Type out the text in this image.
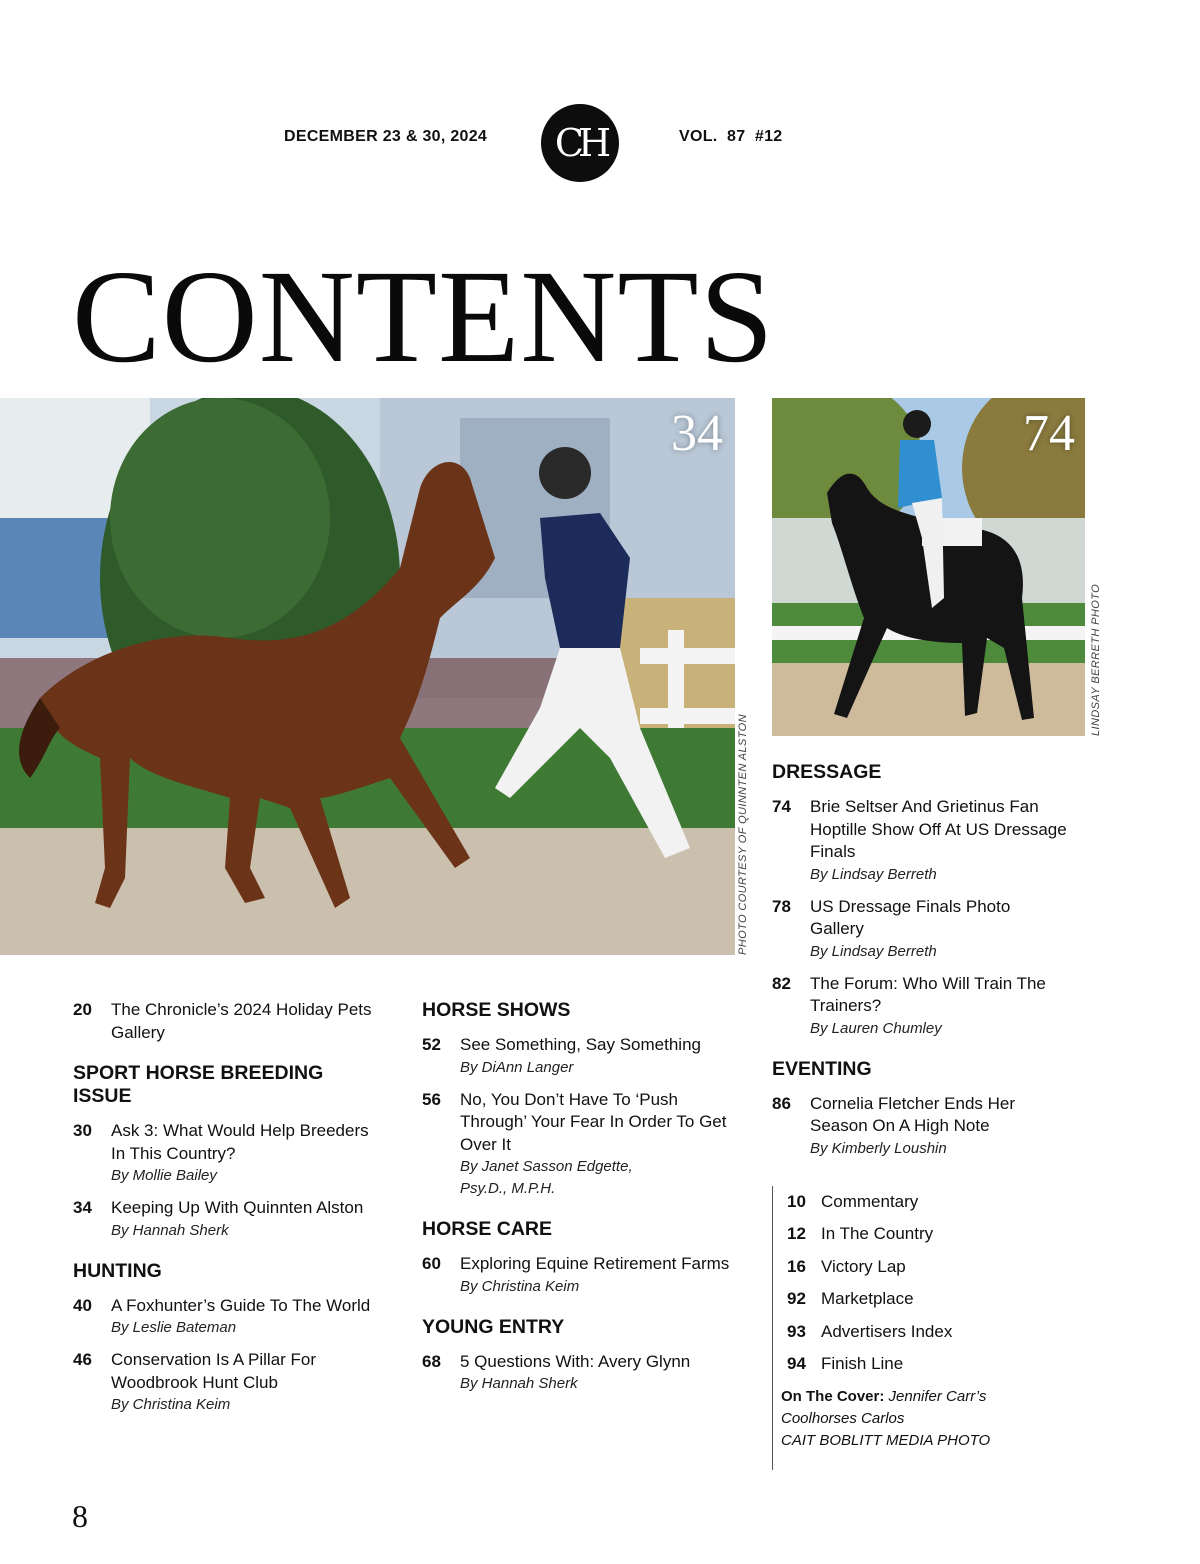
DECEMBER 23 & 30, 2024 CH	VOL.  87  #12
CONTENTS
34
PHOTO COURTESY OF QUINNTEN ALSTON
74
LINDSAY BERRETH PHOTO
20	The Chronicle’s 2024 Holiday Pets Gallery
SPORT HORSE BREEDING ISSUE
30	Ask 3: What Would Help Breeders In This Country?
By Mollie Bailey
34	Keeping Up With Quinnten Alston
By Hannah Sherk
HUNTING
40	A Foxhunter’s Guide To The World
By Leslie Bateman
46	Conservation Is A Pillar For Woodbrook Hunt Club
By Christina Keim
HORSE SHOWS
52	See Something, Say Something
By DiAnn Langer
56	No, You Don’t Have To ‘Push Through’ Your Fear In Order To Get Over It
By Janet Sasson Edgette, Psy.D., M.P.H.
HORSE CARE
60	Exploring Equine Retirement Farms
By Christina Keim
YOUNG ENTRY
68	5 Questions With: Avery Glynn
By Hannah Sherk
DRESSAGE
74	Brie Seltser And Grietinus Fan Hoptille Show Off At US Dressage Finals
By Lindsay Berreth
78	US Dressage Finals Photo Gallery
By Lindsay Berreth
82	The Forum: Who Will Train The Trainers?
By Lauren Chumley
EVENTING
86	Cornelia Fletcher Ends Her Season On A High Note
By Kimberly Loushin
10 Commentary
12 In The Country
16 Victory Lap
92 Marketplace
93 Advertisers Index
94 Finish Line
On The Cover: Jennifer Carr’s
Coolhorses Carlos
CAIT BOBLITT MEDIA PHOTO
8
